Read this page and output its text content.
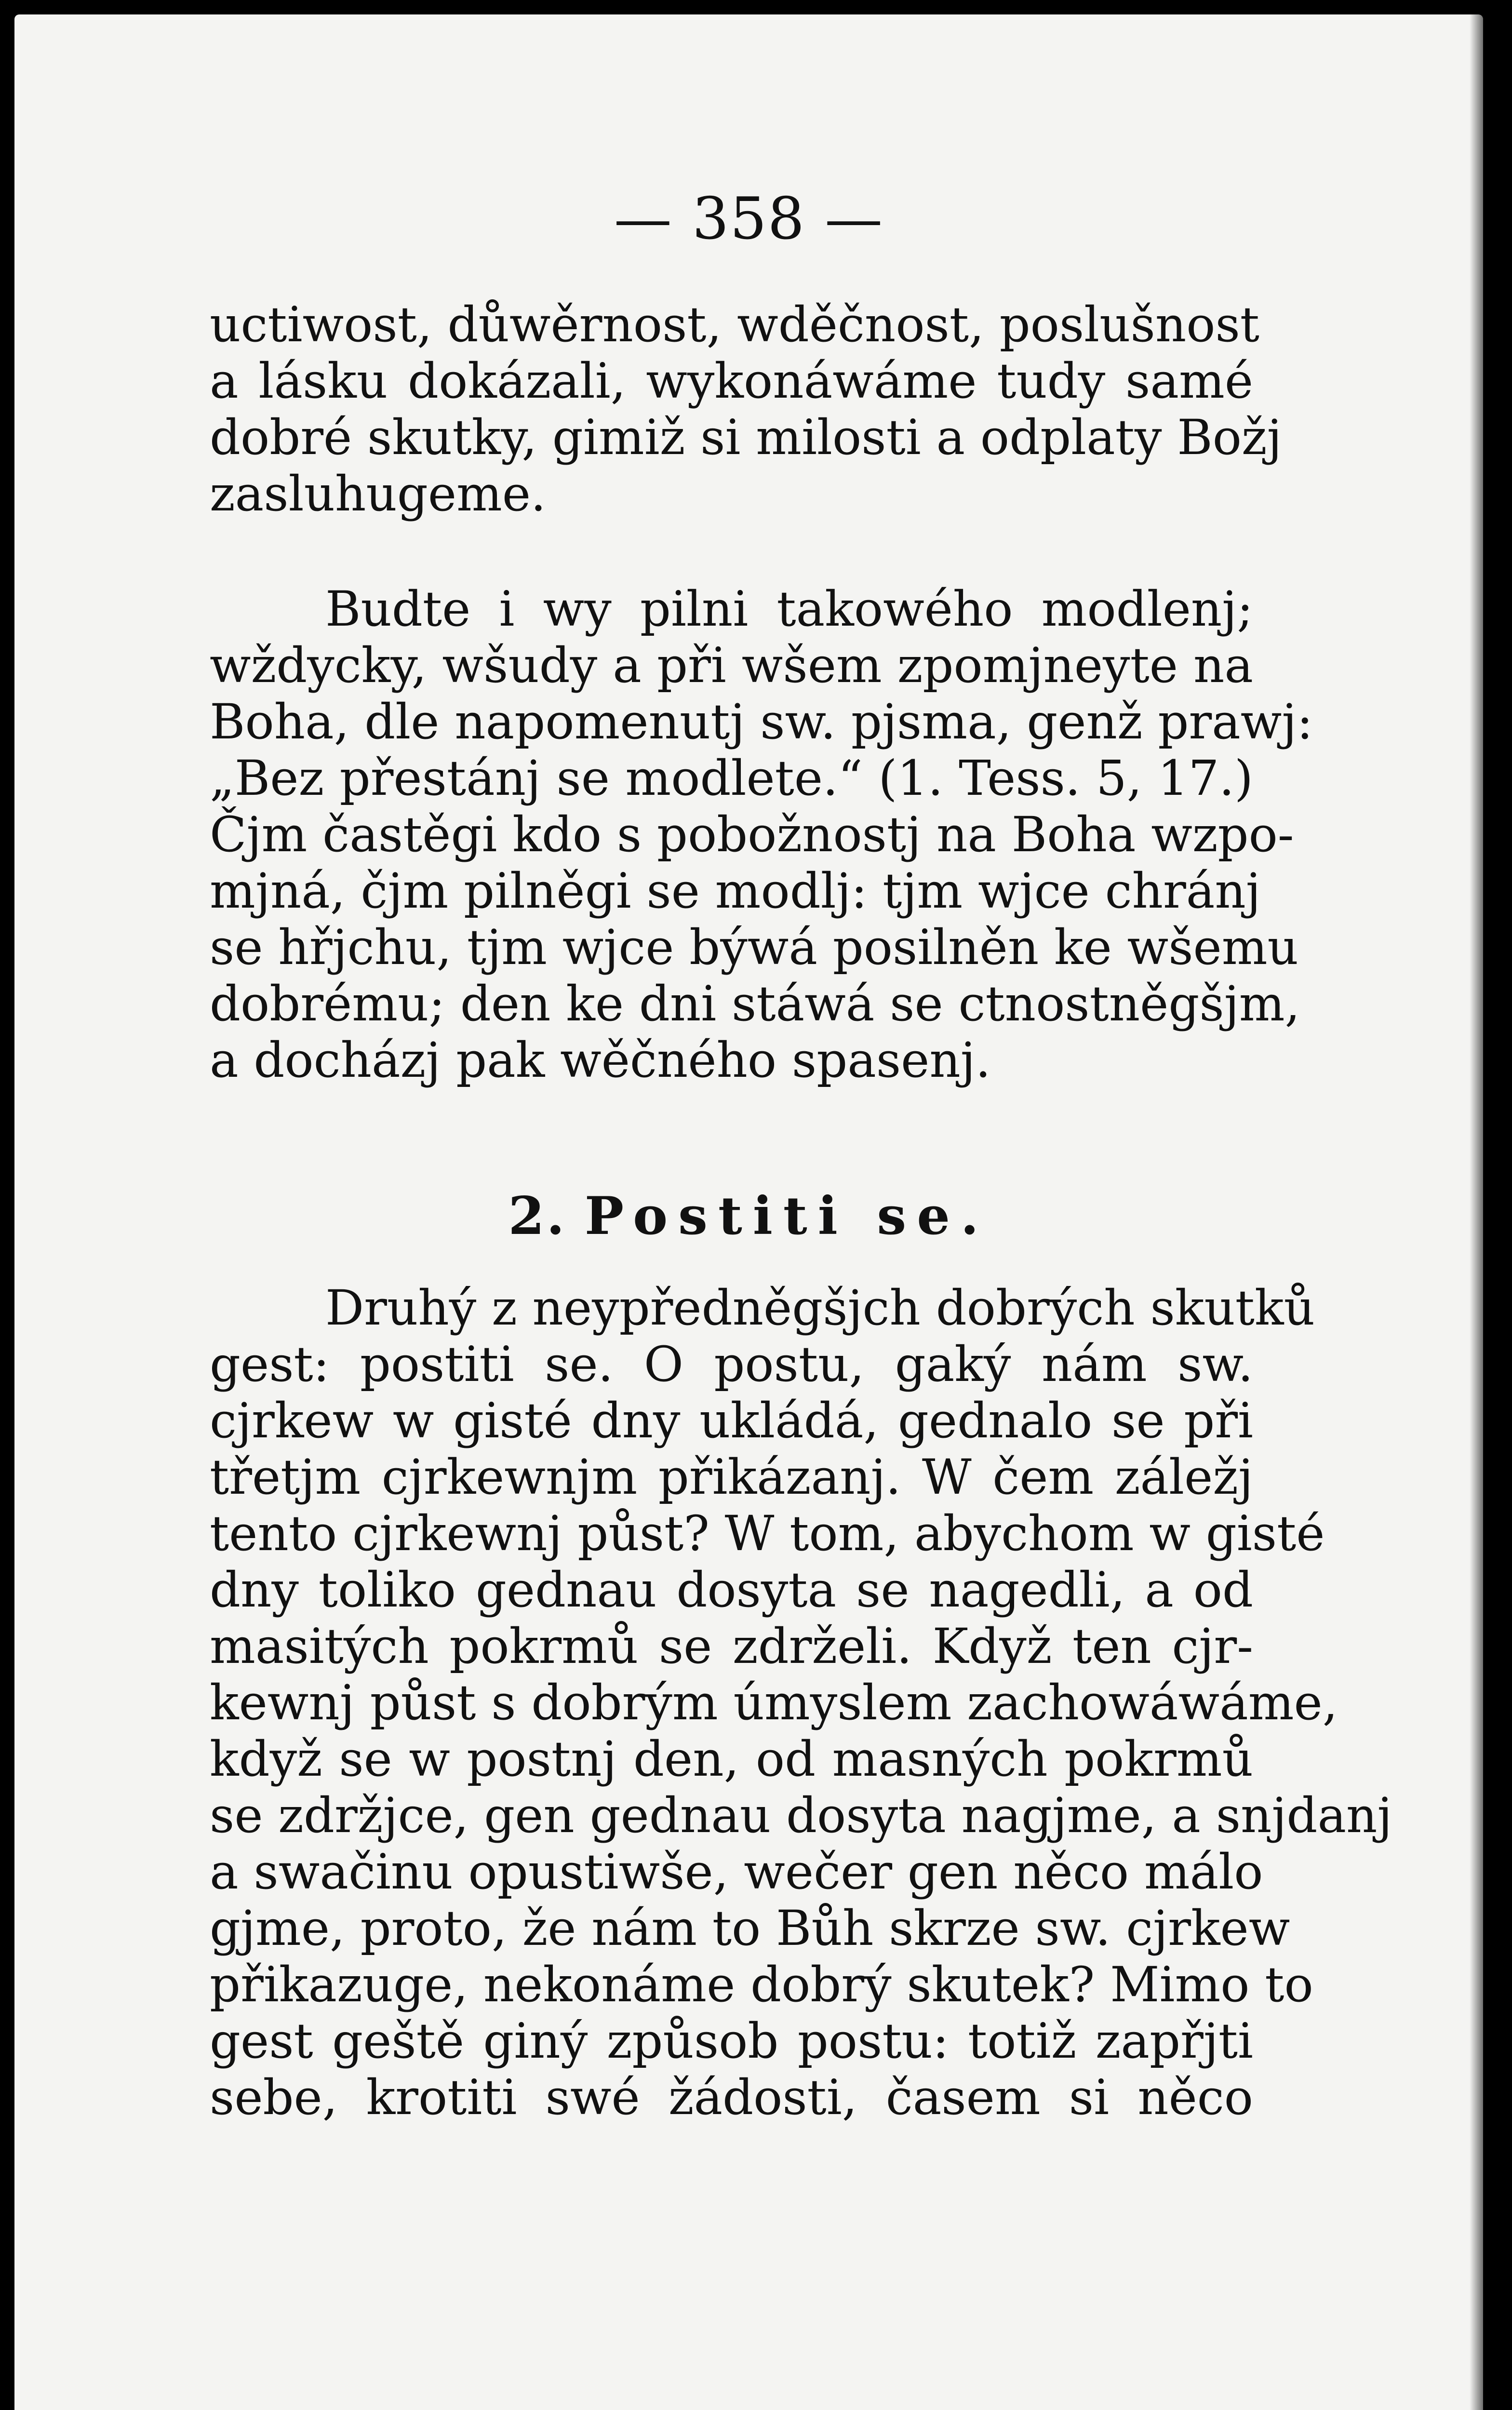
— 358 —
uctiwost, důwěrnost, wděčnost, poslušnost
a lásku dokázali, wykonáwáme tudy samé
dobré skutky, gimiž si milosti a odplaty Božj
zasluhugeme.
Budte i wy pilni takowého modlenj;
wždycky, wšudy a při wšem zpomjneyte na
Boha, dle napomenutj sw. pjsma, genž prawj:
„Bez přestánj se modlete.“ (1. Tess. 5, 17.)
Čjm častěgi kdo s pobožnostj na Boha wzpo-
mjná, čjm pilněgi se modlj: tjm wjce chránj
se hřjchu, tjm wjce býwá posilněn ke wšemu
dobrému; den ke dni stáwá se ctnostněgšjm,
a docházj pak wěčného spasenj.
2. Postiti se.
Druhý z neypředněgšjch dobrých skutků
gest: postiti se. O postu, gaký nám sw.
cjrkew w gisté dny ukládá, gednalo se při
třetjm cjrkewnjm přikázanj. W čem záležj
tento cjrkewnj půst? W tom, abychom w gisté
dny toliko gednau dosyta se nagedli, a od
masitých pokrmů se zdrželi. Když ten cjr-
kewnj půst s dobrým úmyslem zachowáwáme,
když se w postnj den, od masných pokrmů
se zdržjce, gen gednau dosyta nagjme, a snjdanj
a swačinu opustiwše, wečer gen něco málo
gjme, proto, že nám to Bůh skrze sw. cjrkew
přikazuge, nekonáme dobrý skutek? Mimo to
gest geště giný způsob postu: totiž zapřjti
sebe, krotiti swé žádosti, časem si něco
